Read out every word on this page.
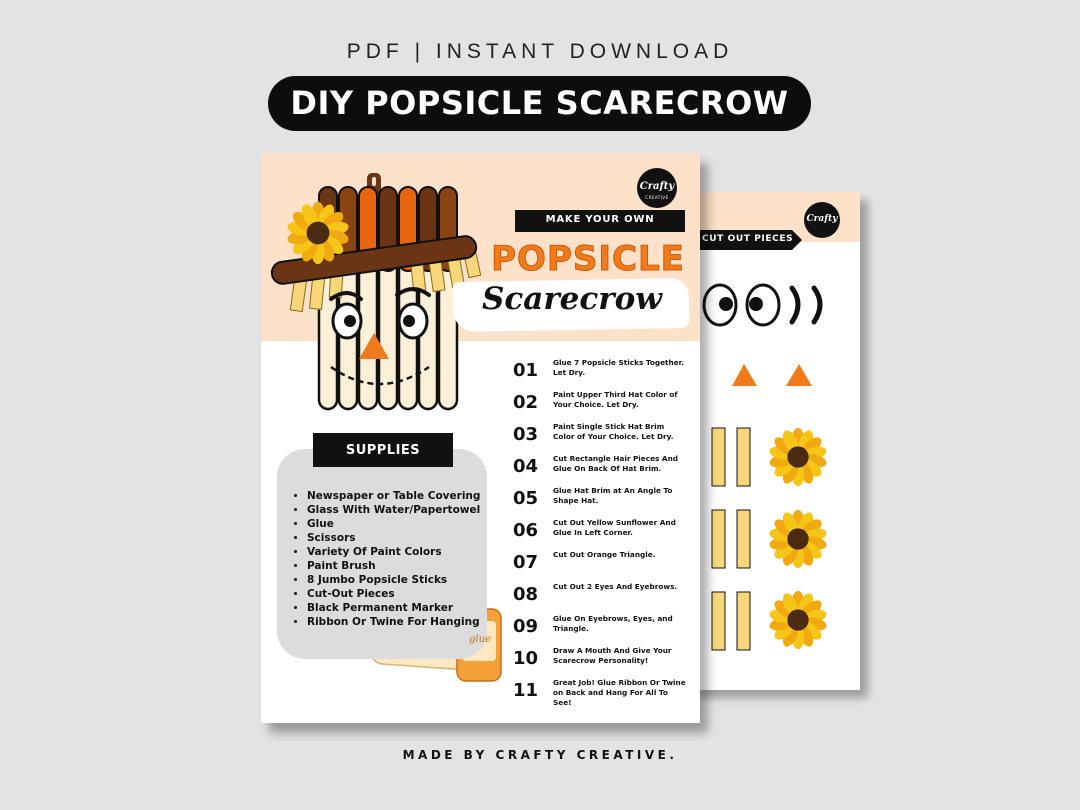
PDF | INSTANT DOWNLOAD
DIY POPSICLE SCARECROW
CUT OUT PIECES
Crafty
Crafty
CREATIVE
MAKE YOUR OWN
POPSICLE
Scarecrow
SUPPLIES
• Newspaper or Table Covering
• Glass With Water/Papertowel
• Glue
• Scissors
• Variety Of Paint Colors
• Paint Brush
• 8 Jumbo Popsicle Sticks
• Cut-Out Pieces
• Black Permanent Marker
• Ribbon Or Twine For Hanging
01	Glue 7 Popsicle Sticks Together. Let Dry.
02	Paint Upper Third Hat Color of Your Choice. Let Dry.
03	Paint Single Stick Hat Brim Color of Your Choice. Let Dry.
04	Cut Rectangle Hair Pieces And Glue On Back Of Hat Brim.
05	Glue Hat Brim at An Angle To Shape Hat.
06	Cut Out Yellow Sunflower And Glue In Left Corner.
07	Cut Out Orange Triangle.
08	Cut Out 2 Eyes And Eyebrows.
09	Glue On Eyebrows, Eyes, and Triangle.
10	Draw A Mouth And Give Your Scarecrow Personality!
11	Great Job! Glue Ribbon Or Twine on Back and Hang For All To See!
glue
MADE BY CRAFTY CREATIVE.
